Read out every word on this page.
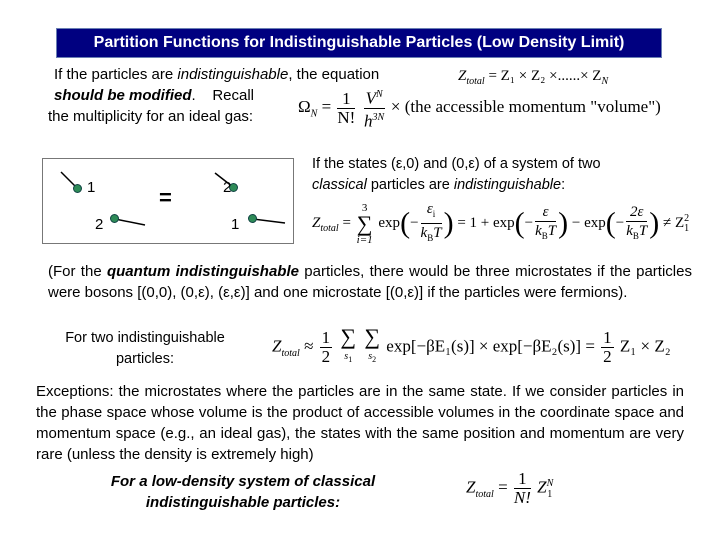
Partition Functions for Indistinguishable Particles (Low Density Limit)
If the particles are indistinguishable, the equation
should be modified.    Recall
the multiplicity for an ideal gas:
$Z_{total} = Z_1 \times Z_2$ ×......× $Z_N$
$\Omega_N = \frac{1}{N!}$
$\frac{V^N}{h^{3N}} \times (the$ accessible momentum "volume")
If the states (ε,0) and (0,ε) of a system of two classical particles are indistinguishable:
1
2
=	2
1	$Z_{total}$ =
3
∑
i=1
$\exp(- \frac{\varepsilon_i}{k_BT}$ ) = $1 + \exp(- \frac{\varepsilon}{k_BT}$ ) − $\exp(- \frac{2\varepsilon}{k_BT}$ ) ≠ $Z^2_1$
(For the quantum indistinguishable particles, there would be three microstates if the particles were bosons [(0,0), (0,ε), (ε,ε)] and one microstate [(0,ε)] if the particles were fermions).
For two indistinguishable particles:
$Z_{total} \approx \frac{1}{2}$
∑
$s_1$

∑
$s_2$
$\exp[-\beta E_1(s)] \times \exp[-\beta E_2(s)] = \frac{1}{2} Z_1 \times Z_2$
Exceptions: the microstates where the particles are in the same state. If we consider particles in the phase space whose volume is the product of accessible volumes in the coordinate space and momentum space (e.g., an ideal gas), the states with the same position and momentum are very rare (unless the density is extremely high)
For a low-density system of classical indistinguishable particles:
$Z_{total} = \frac{1}{N!} Z^N_1$
